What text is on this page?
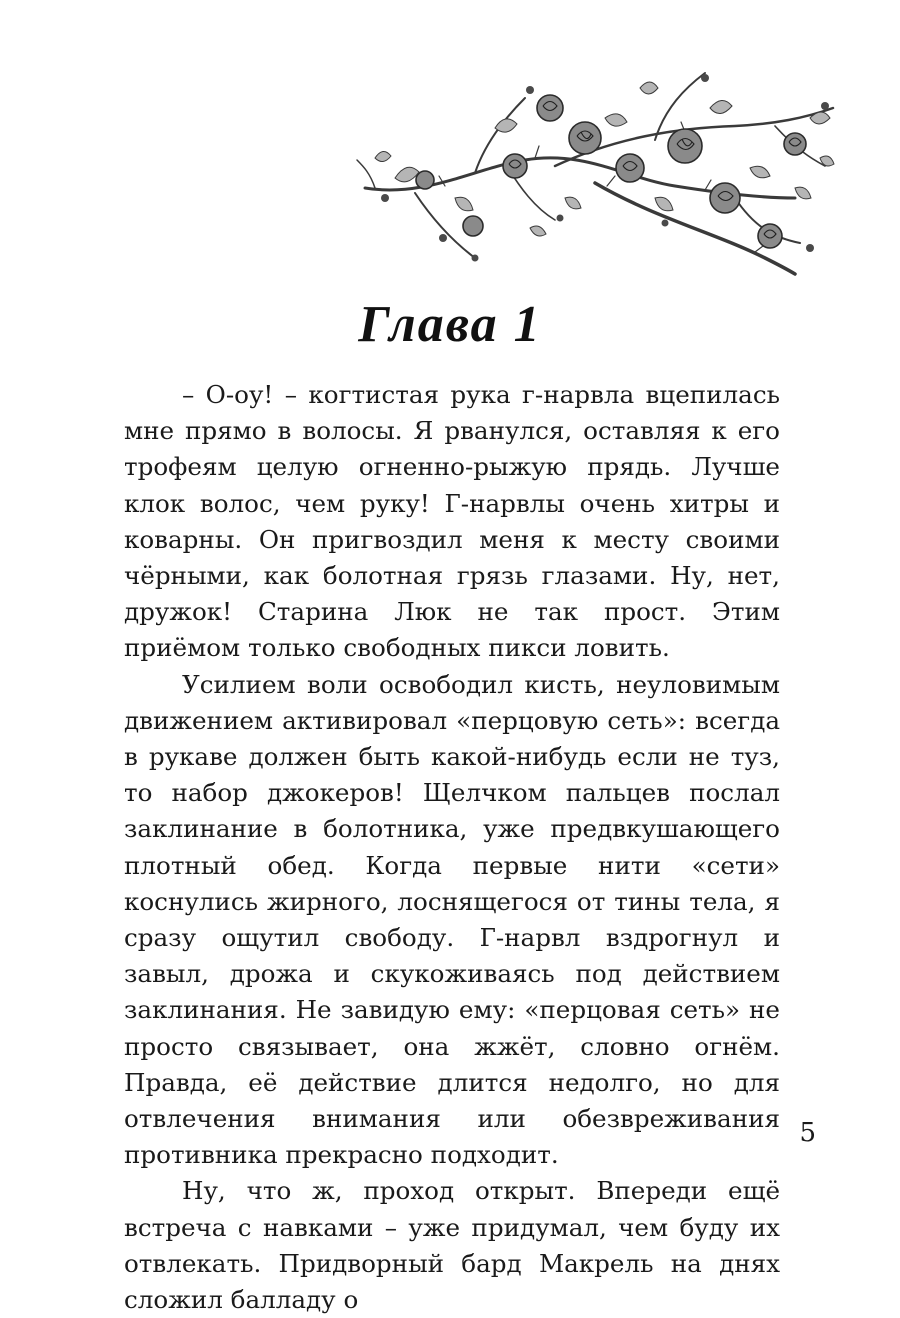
Глава 1

– О-оу! – когтистая рука г-нарвла вцепилась мне прямо в волосы. Я рванулся, оставляя к его трофеям целую огненно-рыжую прядь. Лучше клок волос, чем руку! Г-нарвлы очень хитры и коварны. Он пригвоздил меня к месту своими чёрными, как болотная грязь глазами. Ну, нет, дружок! Старина Люк не так прост. Этим приёмом только свободных пикси ловить.

Усилием воли освободил кисть, неуловимым движением активировал «перцовую сеть»: всегда в рукаве должен быть какой-нибудь если не туз, то набор джокеров! Щелчком пальцев послал заклинание в болотника, уже предвкушающего плотный обед. Когда первые нити «сети» коснулись жирного, лоснящегося от тины тела, я сразу ощутил свободу. Г-нарвл вздрогнул и завыл, дрожа и скукоживаясь под действием заклинания. Не завидую ему: «перцовая сеть» не просто связывает, она жжёт, словно огнём. Правда, её действие длится недолго, но для отвлечения внимания или обезвреживания противника прекрасно подходит.

Ну, что ж, проход открыт. Впереди ещё встреча с навками – уже придумал, чем буду их отвлекать. Придворный бард Макрель на днях сложил балладу о

5
